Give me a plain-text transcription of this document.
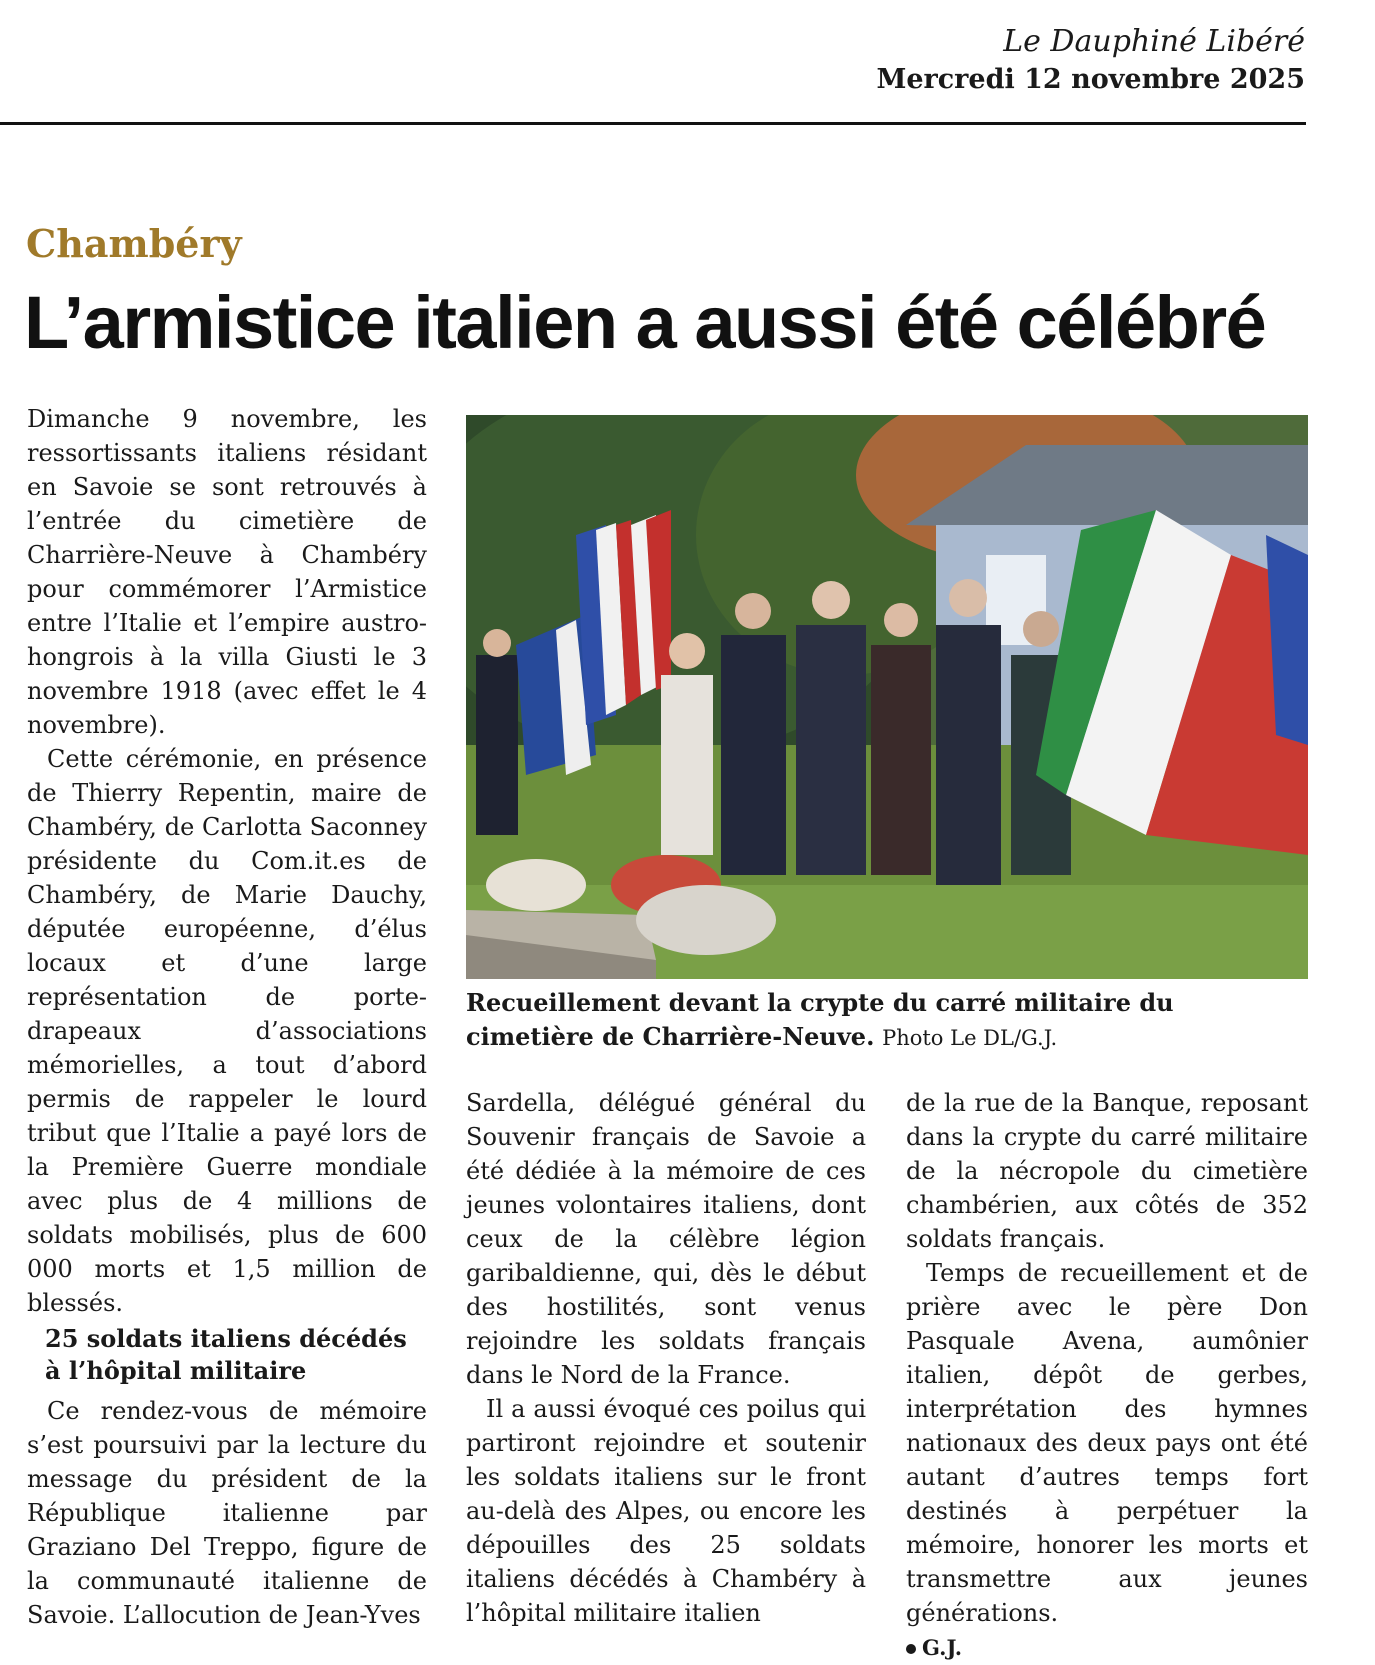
Le Dauphiné Libéré
Mercredi 12 novembre 2025
Chambéry
L’armistice italien a aussi été célébré

Dimanche 9 novembre, les ressortissants italiens résidant en Savoie se sont retrouvés à l’entrée du cimetière de Charrière-Neuve à Chambéry pour commémorer l’Armistice entre l’Italie et l’empire austro-hongrois à la villa Giusti le 3 novembre 1918 (avec effet le 4 novembre).

Cette cérémonie, en présence de Thierry Repentin, maire de Chambéry, de Carlotta Saconney présidente du Com.it.es de Chambéry, de Marie Dauchy, députée européenne, d’élus locaux et d’une large représentation de porte-drapeaux d’associations mémorielles, a tout d’abord permis de rappeler le lourd tribut que l’Italie a payé lors de la Première Guerre mondiale avec plus de 4 millions de soldats mobilisés, plus de 600 000 morts et 1,5 million de blessés.

25 soldats italiens décédés à l’hôpital militaire

Ce rendez-vous de mémoire s’est poursuivi par la lecture du message du président de la République italienne par Graziano Del Treppo, figure de la communauté italienne de Savoie. L’allocution de Jean-Yves

Recueillement devant la crypte du carré militaire du cimetière de Charrière-Neuve. Photo Le DL/G.J.

Sardella, délégué général du Souvenir français de Savoie a été dédiée à la mémoire de ces jeunes volontaires italiens, dont ceux de la célèbre légion garibaldienne, qui, dès le début des hostilités, sont venus rejoindre les soldats français dans le Nord de la France.

Il a aussi évoqué ces poilus qui partiront rejoindre et soutenir les soldats italiens sur le front au-delà des Alpes, ou encore les dépouilles des 25 soldats italiens décédés à Chambéry à l’hôpital militaire italien

de la rue de la Banque, reposant dans la crypte du carré militaire de la nécropole du cimetière chambérien, aux côtés de 352 soldats français.

Temps de recueillement et de prière avec le père Don Pasquale Avena, aumônier italien, dépôt de gerbes, interprétation des hymnes nationaux des deux pays ont été autant d’autres temps fort destinés à perpétuer la mémoire, honorer les morts et transmettre aux jeunes générations.

G.J.
